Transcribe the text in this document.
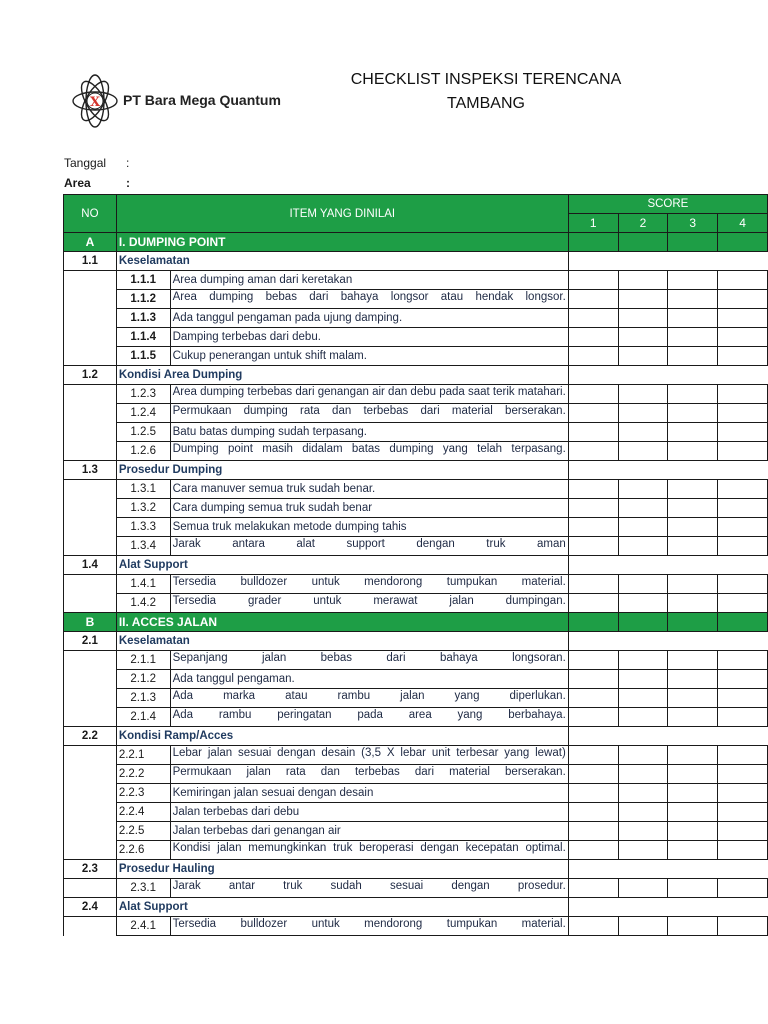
X PT Bara Mega Quantum
CHECKLIST INSPEKSI TERENCANA
TAMBANG
Tanggal :
Area	:
NO	ITEM YANG DINILAI		SCORE			
			1	2	3	4
A	I. DUMPING POINT					
1.1	Keselamatan					
	1.1.1	Area dumping aman dari keretakan				
	1.1.2	Area dumping bebas dari bahaya longsor atau hendak longsor.				
	1.1.3	Ada tanggul pengaman pada ujung damping.				
	1.1.4	Damping terbebas dari debu.				
	1.1.5	Cukup penerangan untuk shift malam.				
1.2	Kondisi Area Dumping					
	1.2.3	Area dumping terbebas dari genangan air dan debu pada saat terik matahari.				
	1.2.4	Permukaan dumping rata dan terbebas dari material berserakan.				
	1.2.5	Batu batas dumping sudah terpasang.				
	1.2.6	Dumping point masih didalam batas dumping yang telah terpasang.				
1.3	Prosedur Dumping					
	1.3.1	Cara manuver semua truk sudah benar.				
	1.3.2	Cara dumping semua truk sudah benar				
	1.3.3	Semua truk melakukan metode dumping tahis				
	1.3.4	Jarak antara alat support dengan truk aman				
1.4	Alat Support					
	1.4.1	Tersedia bulldozer untuk mendorong tumpukan material.				
	1.4.2	Tersedia grader untuk merawat jalan dumpingan.				
B	II. ACCES JALAN					
2.1	Keselamatan					
	2.1.1	Sepanjang jalan bebas dari bahaya longsoran.				
	2.1.2	Ada tanggul pengaman.				
	2.1.3	Ada marka atau rambu jalan yang diperlukan.				
	2.1.4	Ada rambu peringatan pada area yang berbahaya.				
2.2	Kondisi Ramp/Acces					
	2.2.1	Lebar jalan sesuai dengan desain (3,5 X lebar unit terbesar yang lewat)				
	2.2.2	Permukaan jalan rata dan terbebas dari material berserakan.				
	2.2.3	Kemiringan jalan sesuai dengan desain				
	2.2.4	Jalan terbebas dari debu				
	2.2.5	Jalan terbebas dari genangan air				
	2.2.6	Kondisi jalan memungkinkan truk beroperasi dengan kecepatan optimal.				
2.3	Prosedur Hauling					
	2.3.1	Jarak antar truk sudah sesuai dengan prosedur.				
2.4	Alat Support					
	2.4.1	Tersedia bulldozer untuk mendorong tumpukan material.				
